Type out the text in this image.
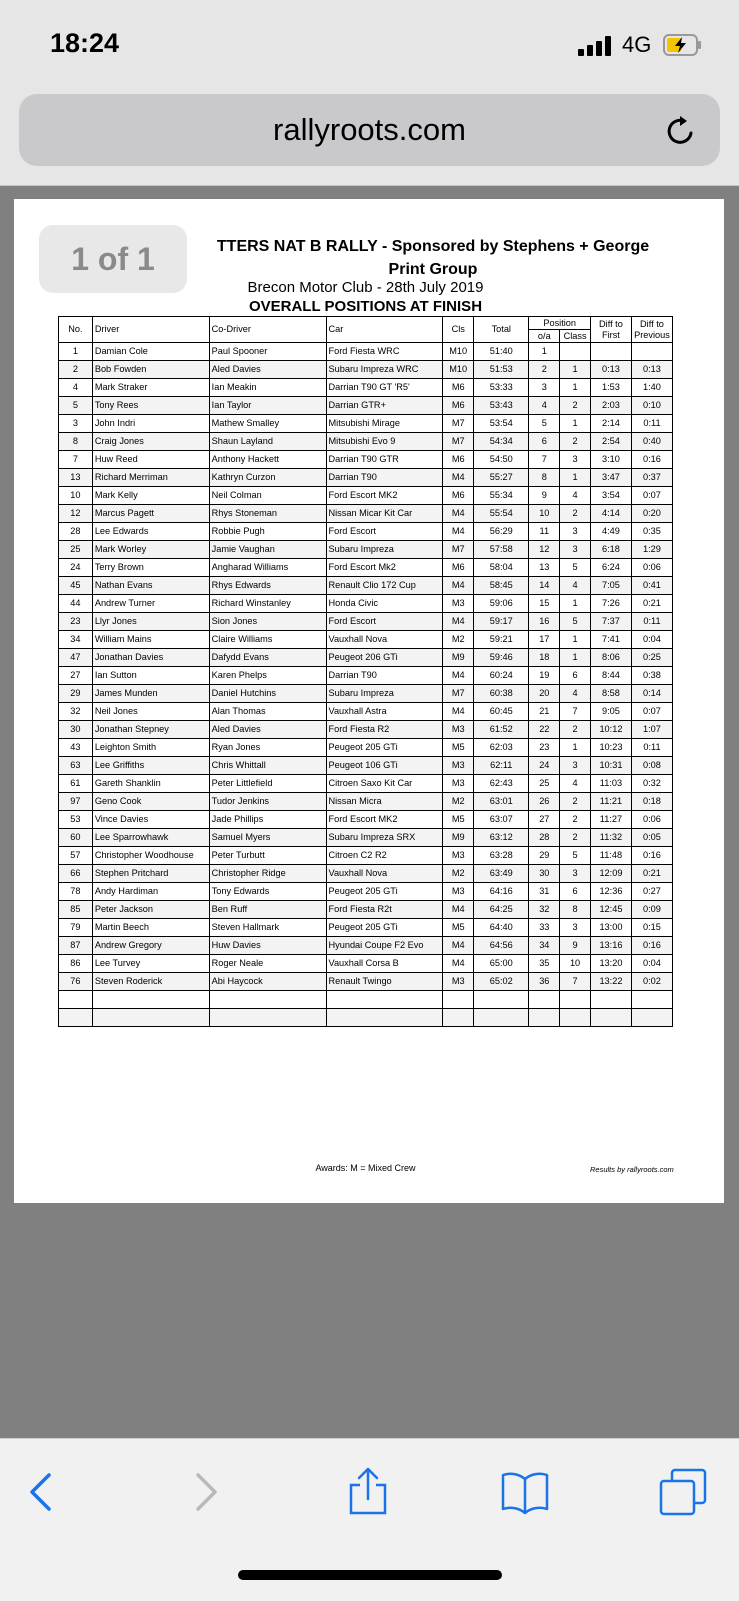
18:24	4G
rallyroots.com
TTERS NAT B RALLY - Sponsored by Stephens + George
Print Group
Brecon Motor Club - 28th July 2019
OVERALL POSITIONS AT FINISH
No.	Driver	Co-Driver	Car	Cls	Total	Position		Diff to First	Diff to Previous
						o/a	Class		
1	Damian Cole	Paul Spooner	Ford Fiesta WRC	M10	51:40	1			
2	Bob Fowden	Aled Davies	Subaru Impreza WRC	M10	51:53	2	1	0:13	0:13
4	Mark Straker	Ian Meakin	Darrian T90 GT 'R5'	M6	53:33	3	1	1:53	1:40
5	Tony Rees	Ian Taylor	Darrian GTR+	M6	53:43	4	2	2:03	0:10
3	John Indri	Mathew Smalley	Mitsubishi Mirage	M7	53:54	5	1	2:14	0:11
8	Craig Jones	Shaun Layland	Mitsubishi Evo 9	M7	54:34	6	2	2:54	0:40
7	Huw Reed	Anthony Hackett	Darrian T90 GTR	M6	54:50	7	3	3:10	0:16
13	Richard Merriman	Kathryn Curzon	Darrian T90	M4	55:27	8	1	3:47	0:37
10	Mark Kelly	Neil Colman	Ford Escort MK2	M6	55:34	9	4	3:54	0:07
12	Marcus Pagett	Rhys Stoneman	Nissan Micar Kit Car	M4	55:54	10	2	4:14	0:20
28	Lee Edwards	Robbie Pugh	Ford Escort	M4	56:29	11	3	4:49	0:35
25	Mark Worley	Jamie Vaughan	Subaru Impreza	M7	57:58	12	3	6:18	1:29
24	Terry Brown	Angharad Williams	Ford Escort Mk2	M6	58:04	13	5	6:24	0:06
45	Nathan Evans	Rhys Edwards	Renault Clio 172 Cup	M4	58:45	14	4	7:05	0:41
44	Andrew Turner	Richard Winstanley	Honda Civic	M3	59:06	15	1	7:26	0:21
23	Llyr Jones	Sion Jones	Ford Escort	M4	59:17	16	5	7:37	0:11
34	William Mains	Claire Williams	Vauxhall Nova	M2	59:21	17	1	7:41	0:04
47	Jonathan Davies	Dafydd Evans	Peugeot 206 GTi	M9	59:46	18	1	8:06	0:25
27	Ian Sutton	Karen Phelps	Darrian T90	M4	60:24	19	6	8:44	0:38
29	James Munden	Daniel Hutchins	Subaru Impreza	M7	60:38	20	4	8:58	0:14
32	Neil Jones	Alan Thomas	Vauxhall Astra	M4	60:45	21	7	9:05	0:07
30	Jonathan Stepney	Aled Davies	Ford Fiesta R2	M3	61:52	22	2	10:12	1:07
43	Leighton Smith	Ryan Jones	Peugeot 205 GTi	M5	62:03	23	1	10:23	0:11
63	Lee Griffiths	Chris Whittall	Peugeot 106 GTi	M3	62:11	24	3	10:31	0:08
61	Gareth Shanklin	Peter Littlefield	Citroen Saxo Kit Car	M3	62:43	25	4	11:03	0:32
97	Geno Cook	Tudor Jenkins	Nissan Micra	M2	63:01	26	2	11:21	0:18
53	Vince Davies	Jade Phillips	Ford Escort MK2	M5	63:07	27	2	11:27	0:06
60	Lee Sparrowhawk	Samuel Myers	Subaru Impreza SRX	M9	63:12	28	2	11:32	0:05
57	Christopher Woodhouse	Peter Turbutt	Citroen C2 R2	M3	63:28	29	5	11:48	0:16
66	Stephen Pritchard	Christopher Ridge	Vauxhall Nova	M2	63:49	30	3	12:09	0:21
78	Andy Hardiman	Tony Edwards	Peugeot 205 GTi	M3	64:16	31	6	12:36	0:27
85	Peter Jackson	Ben Ruff	Ford Fiesta R2t	M4	64:25	32	8	12:45	0:09
79	Martin Beech	Steven Hallmark	Peugeot 205 GTi	M5	64:40	33	3	13:00	0:15
87	Andrew Gregory	Huw Davies	Hyundai Coupe F2 Evo	M4	64:56	34	9	13:16	0:16
86	Lee Turvey	Roger Neale	Vauxhall Corsa B	M4	65:00	35	10	13:20	0:04
76	Steven Roderick	Abi Haycock	Renault Twingo	M3	65:02	36	7	13:22	0:02

Awards: M = Mixed Crew	Results by rallyroots.com
1 of 1
